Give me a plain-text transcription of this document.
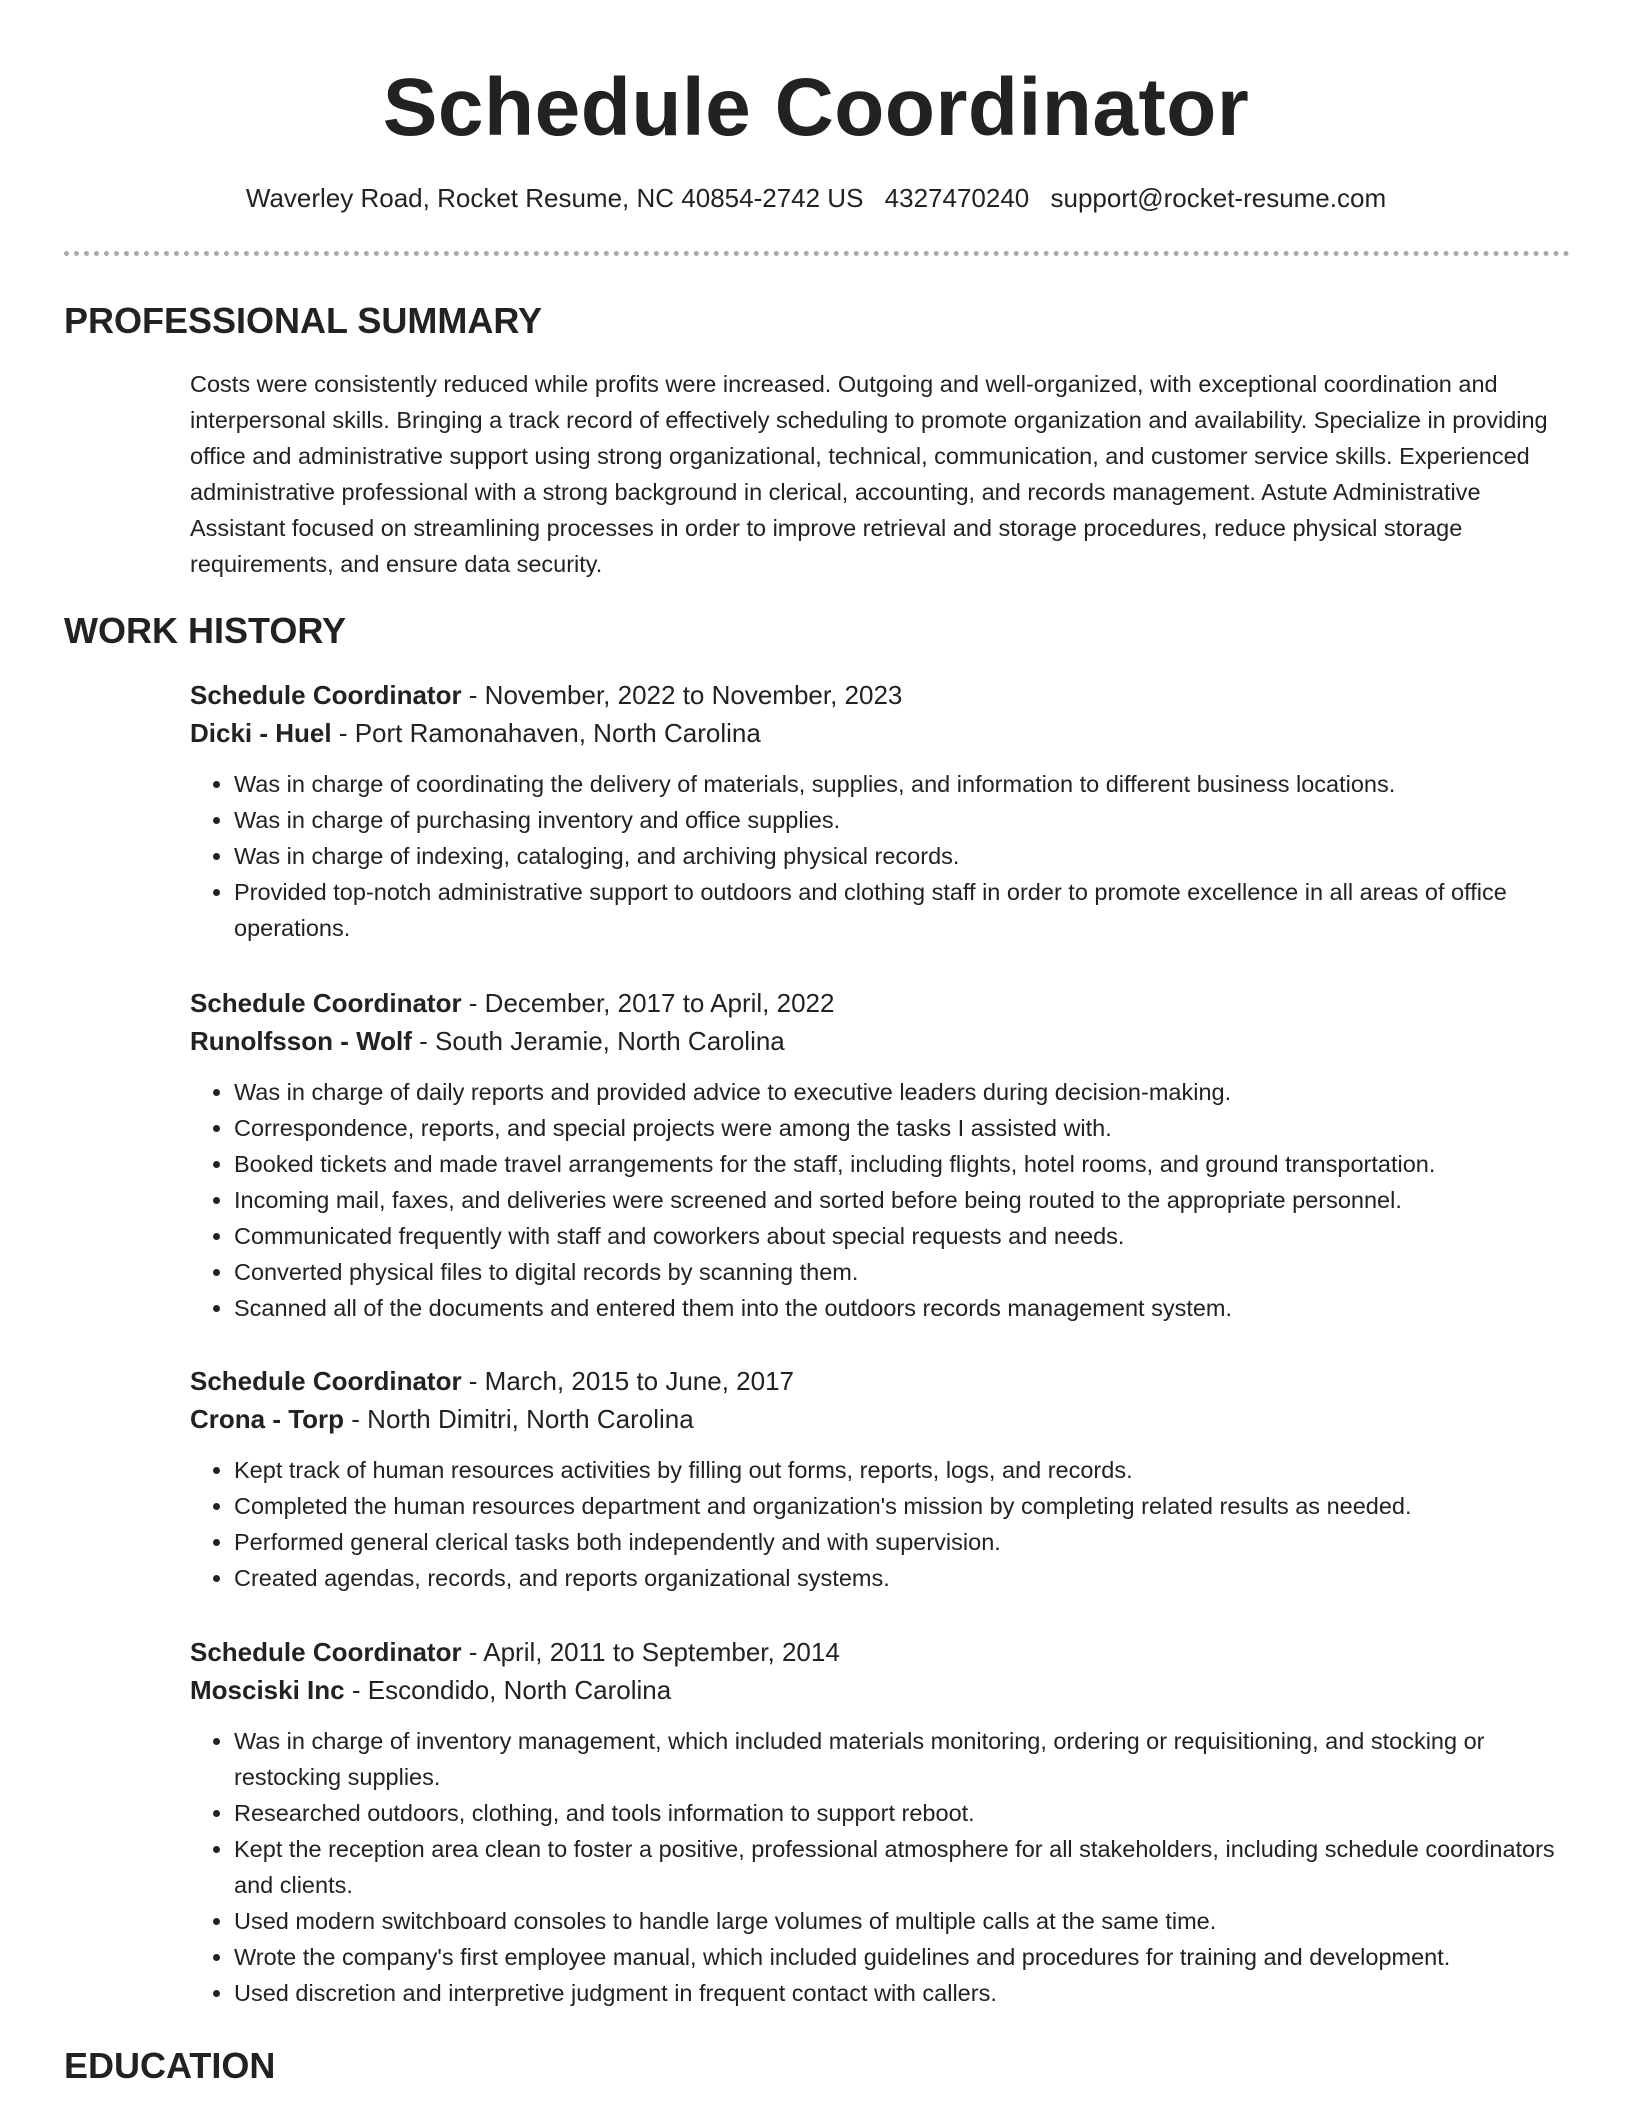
Schedule Coordinator
Waverley Road, Rocket Resume, NC 40854-2742 US 4327470240 support@rocket-resume.com
PROFESSIONAL SUMMARY

Costs were consistently reduced while profits were increased. Outgoing and well-organized, with exceptional coordination and interpersonal skills. Bringing a track record of effectively scheduling to promote organization and availability. Specialize in providing office and administrative support using strong organizational, technical, communication, and customer service skills. Experienced administrative professional with a strong background in clerical, accounting, and records management. Astute Administrative Assistant focused on streamlining processes in order to improve retrieval and storage procedures, reduce physical storage requirements, and ensure data security.

WORK HISTORY
Schedule Coordinator - November, 2022 to November, 2023
Dicki - Huel - Port Ramonahaven, North Carolina
• Was in charge of coordinating the delivery of materials, supplies, and information to different business locations.
• Was in charge of purchasing inventory and office supplies.
• Was in charge of indexing, cataloging, and archiving physical records.
• Provided top-notch administrative support to outdoors and clothing staff in order to promote excellence in all areas of office operations.
Schedule Coordinator - December, 2017 to April, 2022
Runolfsson - Wolf - South Jeramie, North Carolina
• Was in charge of daily reports and provided advice to executive leaders during decision-making.
• Correspondence, reports, and special projects were among the tasks I assisted with.
• Booked tickets and made travel arrangements for the staff, including flights, hotel rooms, and ground transportation.
• Incoming mail, faxes, and deliveries were screened and sorted before being routed to the appropriate personnel.
• Communicated frequently with staff and coworkers about special requests and needs.
• Converted physical files to digital records by scanning them.
• Scanned all of the documents and entered them into the outdoors records management system.
Schedule Coordinator - March, 2015 to June, 2017
Crona - Torp - North Dimitri, North Carolina
• Kept track of human resources activities by filling out forms, reports, logs, and records.
• Completed the human resources department and organization's mission by completing related results as needed.
• Performed general clerical tasks both independently and with supervision.
• Created agendas, records, and reports organizational systems.
Schedule Coordinator - April, 2011 to September, 2014
Mosciski Inc - Escondido, North Carolina
• Was in charge of inventory management, which included materials monitoring, ordering or requisitioning, and stocking or restocking supplies.
• Researched outdoors, clothing, and tools information to support reboot.
• Kept the reception area clean to foster a positive, professional atmosphere for all stakeholders, including schedule coordinators and clients.
• Used modern switchboard consoles to handle large volumes of multiple calls at the same time.
• Wrote the company's first employee manual, which included guidelines and procedures for training and development.
• Used discretion and interpretive judgment in frequent contact with callers.
EDUCATION
